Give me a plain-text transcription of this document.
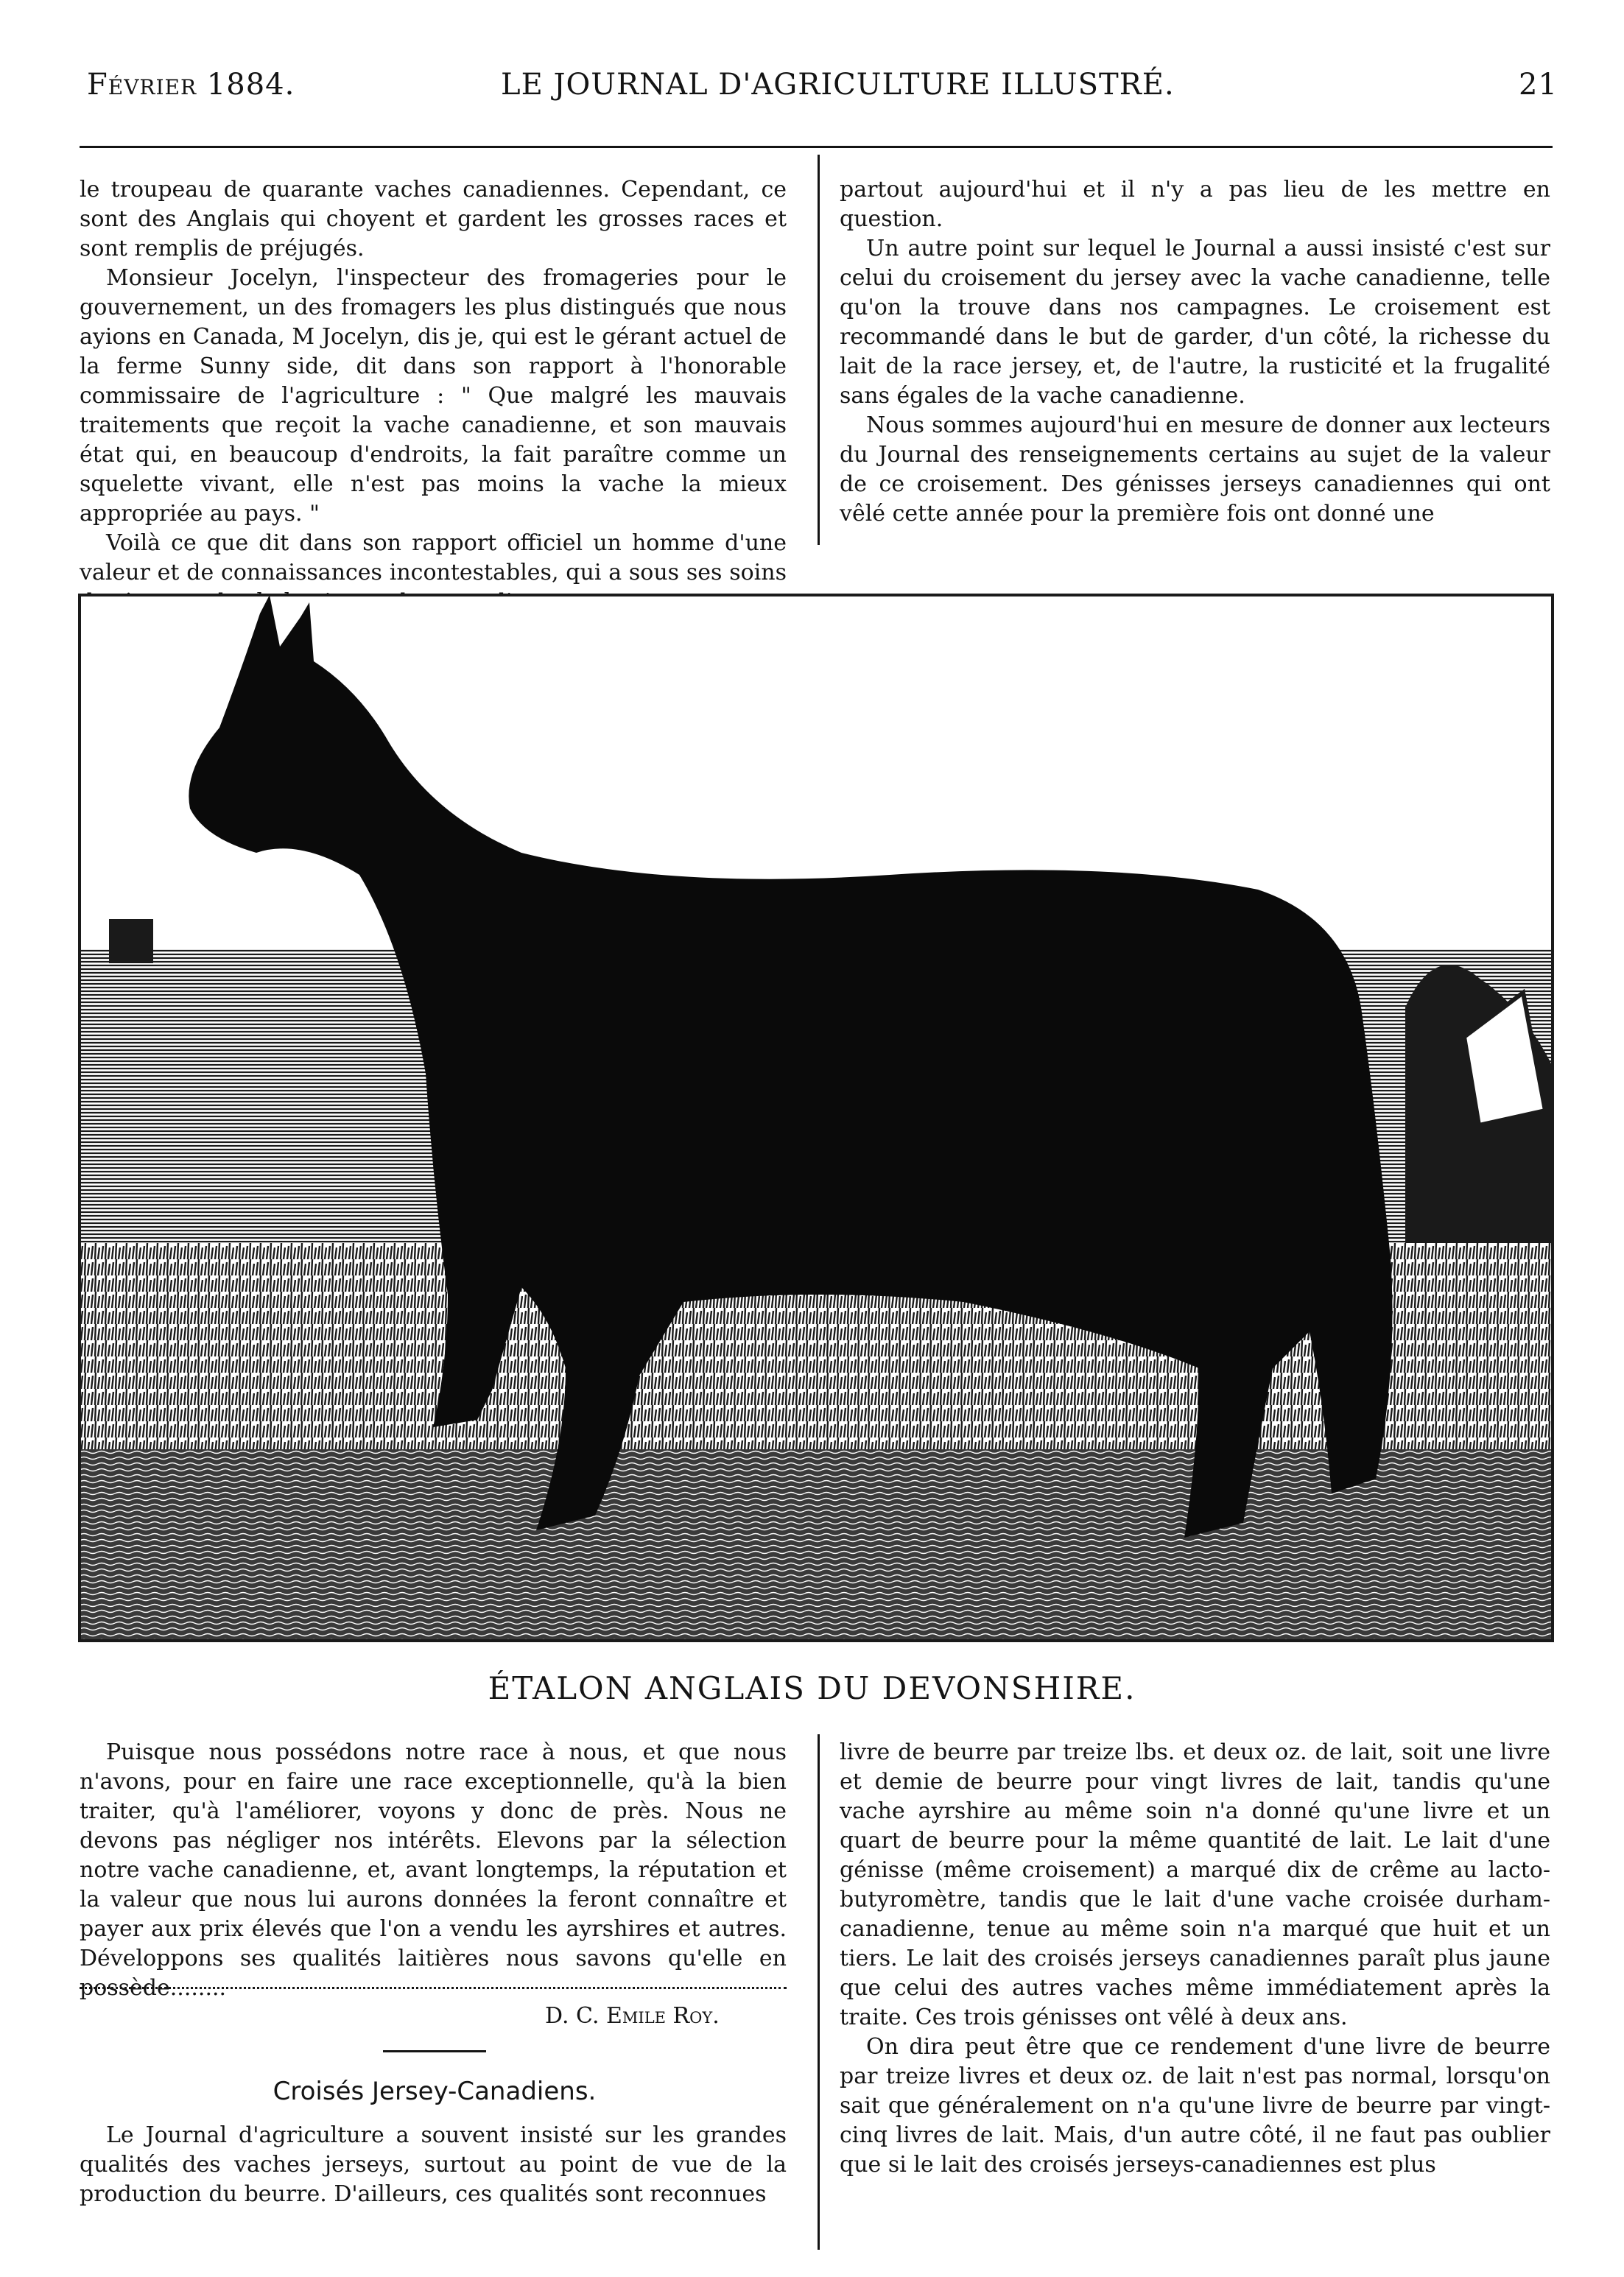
Février 1884.	LE JOURNAL D'AGRICULTURE ILLUSTRÉ.	21

le troupeau de quarante vaches canadiennes. Cependant, ce sont des Anglais qui choyent et gardent les grosses races et sont remplis de préjugés.

Monsieur Jocelyn, l'inspecteur des fromageries pour le gouvernement, un des fromagers les plus distingués que nous ayions en Canada, M Jocelyn, dis je, qui est le gérant actuel de la ferme Sunny side, dit dans son rapport à l'honorable commissaire de l'agriculture : " Que malgré les mauvais traitements que reçoit la vache canadienne, et son mauvais état qui, en beaucoup d'endroits, la fait paraître comme un squelette vivant, elle n'est pas moins la vache la mieux appropriée au pays. "

Voilà ce que dit dans son rapport officiel un homme d'une valeur et de connaissances incontestables, qui a sous ses soins

partout aujourd'hui et il n'y a pas lieu de les mettre en question.

Un autre point sur lequel le Journal a aussi insisté c'est sur celui du croisement du jersey avec la vache canadienne, telle qu'on la trouve dans nos campagnes. Le croisement est recommandé dans le but de garder, d'un côté, la richesse du lait de la race jersey, et, de l'autre, la rusticité et la frugalité sans égales de la vache canadienne.

Nous sommes aujourd'hui en mesure de donner aux lecteurs du Journal des renseignements certains au sujet de la valeur de ce croisement. Des génisses jerseys canadiennes qui ont vêlé cette année pour la première fois ont donné une

ÉTALON ANGLAIS DU DEVONSHIRE.

Puisque nous possédons notre race à nous, et que nous n'avons, pour en faire une race exceptionnelle, qu'à la bien traiter, qu'à l'améliorer, voyons y donc de près. Nous ne devons pas négliger nos intérêts. Elevons par la sélection notre vache canadienne, et, avant longtemps, la réputation et la valeur que nous lui aurons données la feront connaître et payer aux prix élevés que l'on a vendu les ayrshires et autres. Développons ses qualités laitières nous savons qu'elle en possède........

D. C. Emile Roy.
Croisés Jersey-Canadiens.

Le Journal d'agriculture a souvent insisté sur les grandes qualités des vaches jerseys, surtout au point de vue de la production du beurre. D'ailleurs, ces qualités sont reconnues

livre de beurre par treize lbs. et deux oz. de lait, soit une livre et demie de beurre pour vingt livres de lait, tandis qu'une vache ayrshire au même soin n'a donné qu'une livre et un quart de beurre pour la même quantité de lait. Le lait d'une génisse (même croisement) a marqué dix de crême au lacto-butyromètre, tandis que le lait d'une vache croisée durham-canadienne, tenue au même soin n'a marqué que huit et un tiers. Le lait des croisés jerseys canadiennes paraît plus jaune que celui des autres vaches même immédiatement après la traite. Ces trois génisses ont vêlé à deux ans.

On dira peut être que ce rendement d'une livre de beurre par treize livres et deux oz. de lait n'est pas normal, lorsqu'on sait que généralement on n'a qu'une livre de beurre par vingt-cinq livres de lait. Mais, d'un autre côté, il ne faut pas oublier que si le lait des croisés jerseys-canadiennes est plus
